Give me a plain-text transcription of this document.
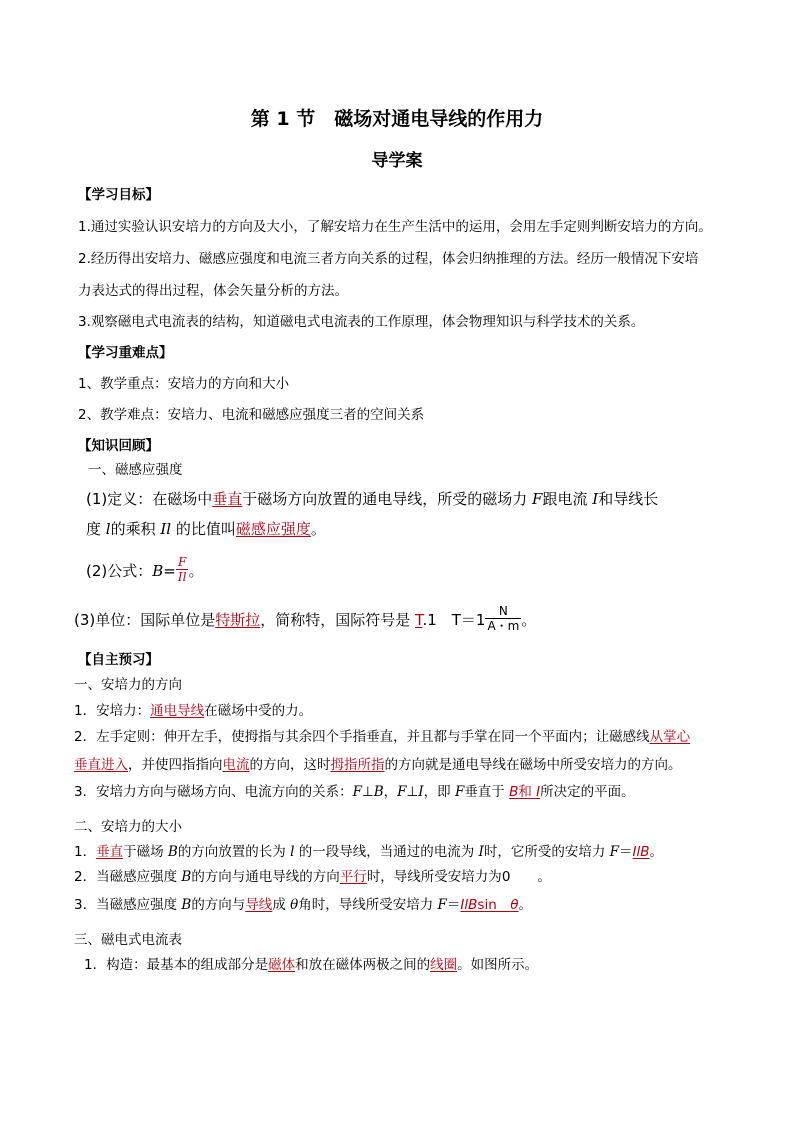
第 1 节　磁场对通电导线的作用力
导学案
【学习目标】
1.通过实验认识安培力的方向及大小，了解安培力在生产生活中的运用，会用左手定则判断安培力的方向。
2.经历得出安培力、磁感应强度和电流三者方向关系的过程，体会归纳推理的方法。经历一般情况下安培
力表达式的得出过程，体会矢量分析的方法。
3.观察磁电式电流表的结构，知道磁电式电流表的工作原理，体会物理知识与科学技术的关系。
【学习重难点】
1、教学重点：安培力的方向和大小
2、教学难点：安培力、电流和磁感应强度三者的空间关系
【知识回顾】
一、磁感应强度
(1)定义：在磁场中垂直于磁场方向放置的通电导线，所受的磁场力 F跟电流 I和导线长
度 l的乘积 Il 的比值叫磁感应强度。
(2)公式：$B= \frac{F}{Il}$ 。
(3)单位：国际单位是特斯拉，简称特，国际符号是 T.1　$T=1 \frac{N}{A・m}$ 。
【自主预习】
一、安培力的方向
1．安培力：通电导线在磁场中受的力。
2．左手定则：伸开左手，使拇指与其余四个手指垂直，并且都与手掌在同一个平面内；让磁感线从掌心
垂直进入，并使四指指向电流的方向，这时拇指所指的方向就是通电导线在磁场中所受安培力的方向。
3．安培力方向与磁场方向、电流方向的关系：F⊥B，F⊥I，即 F垂直于 B和 I所决定的平面。
二、安培力的大小
1．垂直于磁场 B的方向放置的长为 l 的一段导线，当通过的电流为 I时，它所受的安培力 F＝IlB。
2．当磁感应强度 B的方向与通电导线的方向平行时，导线所受安培力为0　　。
3．当磁感应强度 B的方向与导线成 θ角时，导线所受安培力 F＝IlBsin　θ。
三、磁电式电流表
1．构造：最基本的组成部分是磁体和放在磁体两极之间的线圈。如图所示。
